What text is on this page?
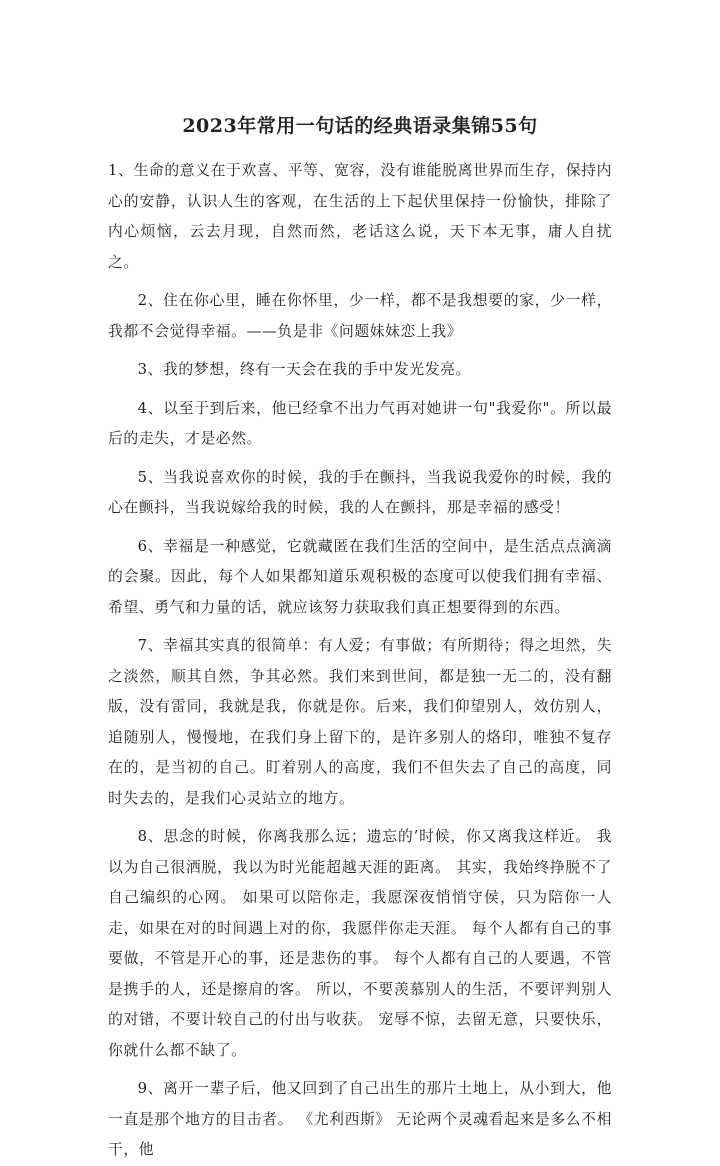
2023年常用一句话的经典语录集锦55句

1、生命的意义在于欢喜、平等、宽容，没有谁能脱离世界而生存，保持内心的安静，认识人生的客观，在生活的上下起伏里保持一份愉快，排除了内心烦恼，云去月现，自然而然，老话这么说，天下本无事，庸人自扰之。

2、住在你心里，睡在你怀里，少一样，都不是我想要的家，少一样，我都不会觉得幸福。——负是非《问题妹妹恋上我》

3、我的梦想，终有一天会在我的手中发光发亮。

4、以至于到后来，他已经拿不出力气再对她讲一句"我爱你"。所以最后的走失，才是必然。

5、当我说喜欢你的时候，我的手在颤抖，当我说我爱你的时候，我的心在颤抖，当我说嫁给我的时候，我的人在颤抖，那是幸福的感受！

6、幸福是一种感觉，它就藏匿在我们生活的空间中，是生活点点滴滴的会聚。因此，每个人如果都知道乐观积极的态度可以使我们拥有幸福、希望、勇气和力量的话，就应该努力获取我们真正想要得到的东西。

7、幸福其实真的很简单：有人爱；有事做；有所期待；得之坦然，失之淡然，顺其自然，争其必然。我们来到世间，都是独一无二的，没有翻版，没有雷同，我就是我，你就是你。后来，我们仰望别人，效仿别人，追随别人，慢慢地，在我们身上留下的，是许多别人的烙印，唯独不复存在的，是当初的自己。盯着别人的高度，我们不但失去了自己的高度，同时失去的，是我们心灵站立的地方。

8、思念的时候，你离我那么远；遗忘的’时候，你又离我这样近。 我以为自己很洒脱，我以为时光能超越天涯的距离。 其实，我始终挣脱不了自己编织的心网。 如果可以陪你走，我愿深夜悄悄守侯，只为陪你一人走，如果在对的时间遇上对的你，我愿伴你走天涯。 每个人都有自己的事要做，不管是开心的事，还是悲伤的事。 每个人都有自己的人要遇，不管是携手的人，还是擦肩的客。 所以，不要羡慕别人的生活，不要评判别人的对错，不要计较自己的付出与收获。 宠辱不惊，去留无意，只要快乐，你就什么都不缺了。

9、离开一辈子后，他又回到了自己出生的那片土地上，从小到大，他一直是那个地方的目击者。 《尤利西斯》 无论两个灵魂看起来是多么不相干，他
